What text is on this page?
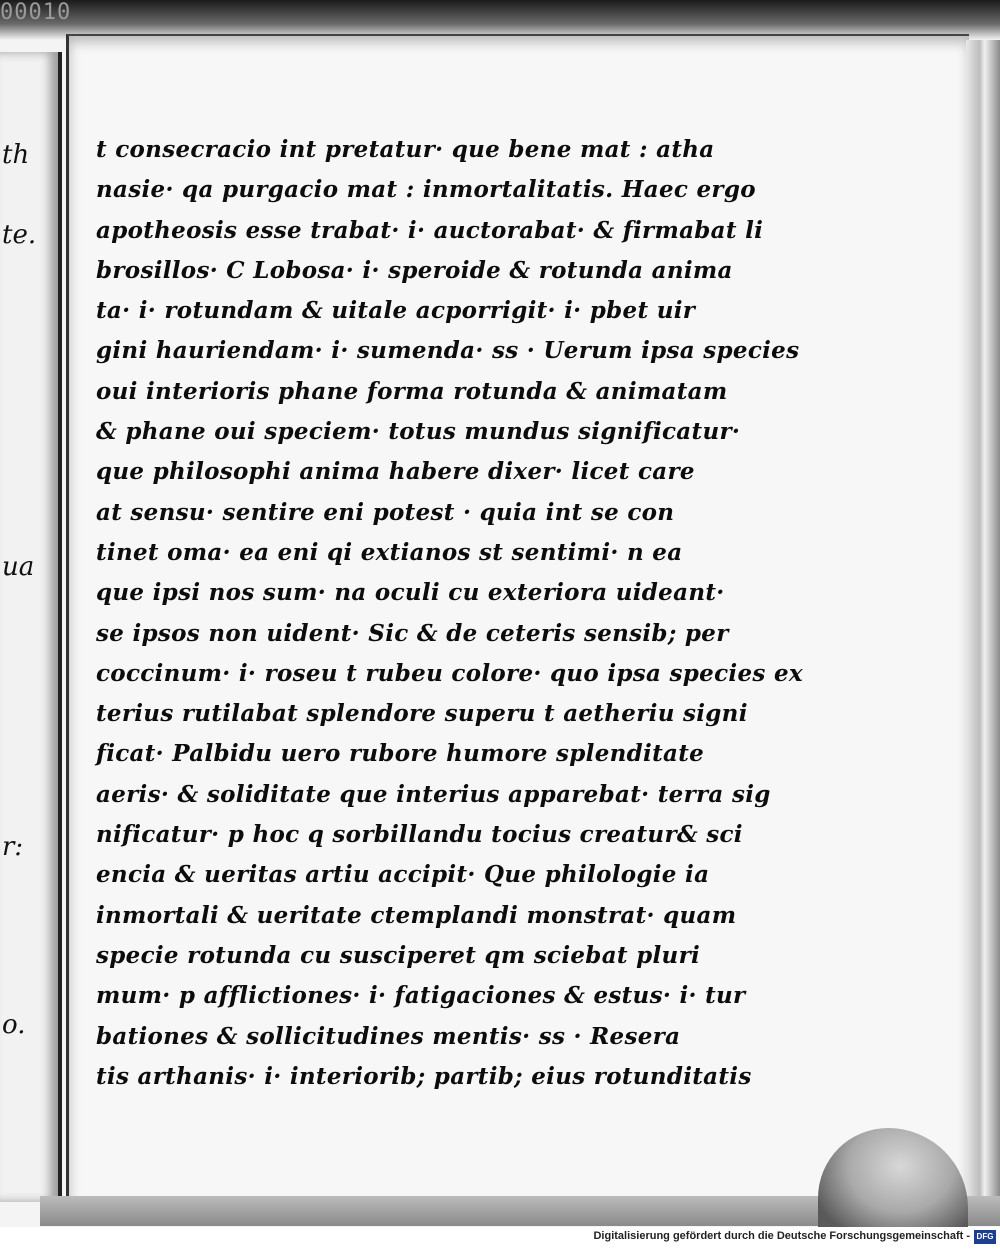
00010
th
te.
ua
r:
o.
t consecracio int pretatur· que bene mat : atha
nasie· qa purgacio mat : inmortalitatis. Haec ergo
apotheosis esse trabat· i· auctorabat· & firmabat li
brosillos· C Lobosa· i· speroide & rotunda anima
ta· i· rotundam & uitale acporrigit· i· pbet uir
gini hauriendam· i· sumenda· ss · Uerum ipsa species
oui interioris phane forma rotunda & animatam
& phane oui speciem· totus mundus significatur·
que philosophi anima habere dixer· licet care
at sensu· sentire eni potest · quia int se con
tinet oma· ea eni qi extianos st sentimi· n ea
que ipsi nos sum· na oculi cu exteriora uideant·
se ipsos non uident· Sic & de ceteris sensib; per
coccinum· i· roseu t rubeu colore· quo ipsa species ex
terius rutilabat splendore superu t aetheriu signi
ficat· Palbidu uero rubore humore splenditate
aeris· & soliditate que interius apparebat· terra sig
nificatur· p hoc q sorbillandu tocius creatur& sci
encia & ueritas artiu accipit· Que philologie ia
inmortali & ueritate ctemplandi monstrat· quam
specie rotunda cu susciperet qm sciebat pluri
mum· p afflictiones· i· fatigaciones & estus· i· tur
bationes & sollicitudines mentis· ss · Resera
tis arthanis· i· interiorib; partib; eius rotunditatis
Digitalisierung gefördert durch die Deutsche Forschungsgemeinschaft - DFG
